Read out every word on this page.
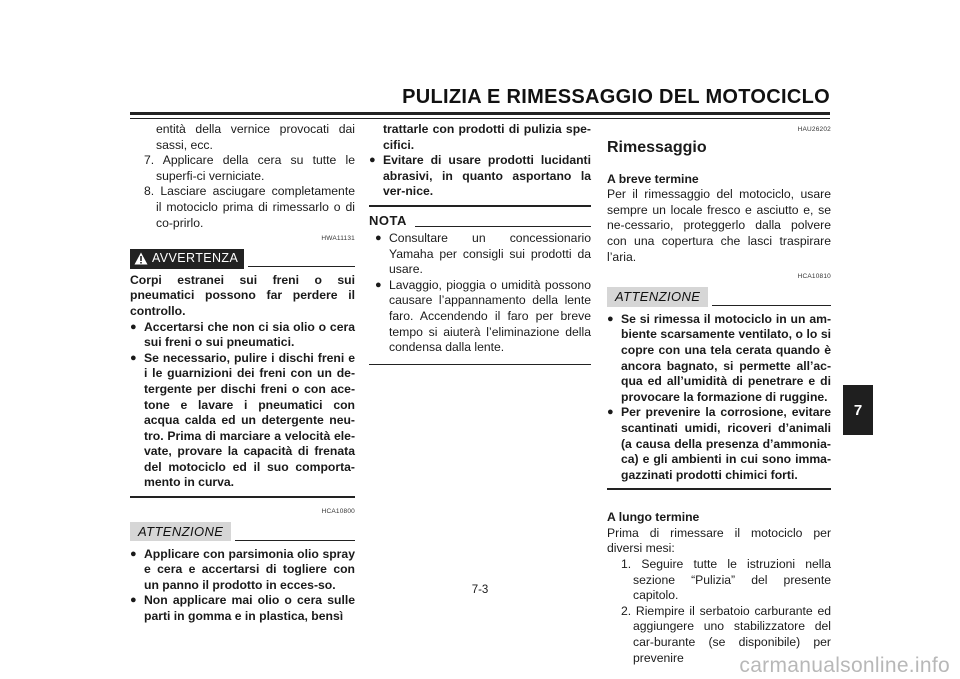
PULIZIA E RIMESSAGGIO DEL MOTOCICLO

entità della vernice provocati dai sassi, ecc.

7. Applicare della cera su tutte le superfi-ci verniciate.

8. Lasciare asciugare completamente il motociclo prima di rimessarlo o di co-prirlo.

HWA11131
AVVERTENZA

Corpi estranei sui freni o sui pneumatici possono far perdere il controllo.

● Accertarsi che non ci sia olio o cera sui freni o sui pneumatici.
● Se necessario, pulire i dischi freni e i le guarnizioni dei freni con un de-tergente per dischi freni o con ace-tone e lavare i pneumatici con acqua calda ed un detergente neu-tro. Prima di marciare a velocità ele-vate, provare la capacità di frenata del motociclo ed il suo comporta-mento in curva.
HCA10800
ATTENZIONE
● Applicare con parsimonia olio spray e cera e accertarsi di togliere con un panno il prodotto in ecces-so.
● Non applicare mai olio o cera sulle parti in gomma e in plastica, bensì

trattarle con prodotti di pulizia spe-cifici.

● Evitare di usare prodotti lucidanti abrasivi, in quanto asportano la ver-nice.
NOTA
● Consultare un concessionario Yamaha per consigli sui prodotti da usare.
● Lavaggio, pioggia o umidità possono causare l’appannamento della lente faro. Accendendo il faro per breve tempo si aiuterà l’eliminazione della condensa dalla lente.
HAU26202
Rimessaggio

A breve termine

Per il rimessaggio del motociclo, usare sempre un locale fresco e asciutto e, se ne-cessario, proteggerlo dalla polvere con una copertura che lasci traspirare l’aria.

HCA10810
ATTENZIONE
● Se si rimessa il motociclo in un am-biente scarsamente ventilato, o lo si copre con una tela cerata quando è ancora bagnato, si permette all’ac-qua ed all’umidità di penetrare e di provocare la formazione di ruggine.
● Per prevenire la corrosione, evitare scantinati umidi, ricoveri d’animali (a causa della presenza d’ammonia-ca) e gli ambienti in cui sono imma-gazzinati prodotti chimici forti.

A lungo termine

Prima di rimessare il motociclo per diversi mesi:

1. Seguire tutte le istruzioni nella sezione “Pulizia” del presente capitolo.

2. Riempire il serbatoio carburante ed aggiungere uno stabilizzatore del car-burante (se disponibile) per prevenire

7
7-3
carmanualsonline.info
